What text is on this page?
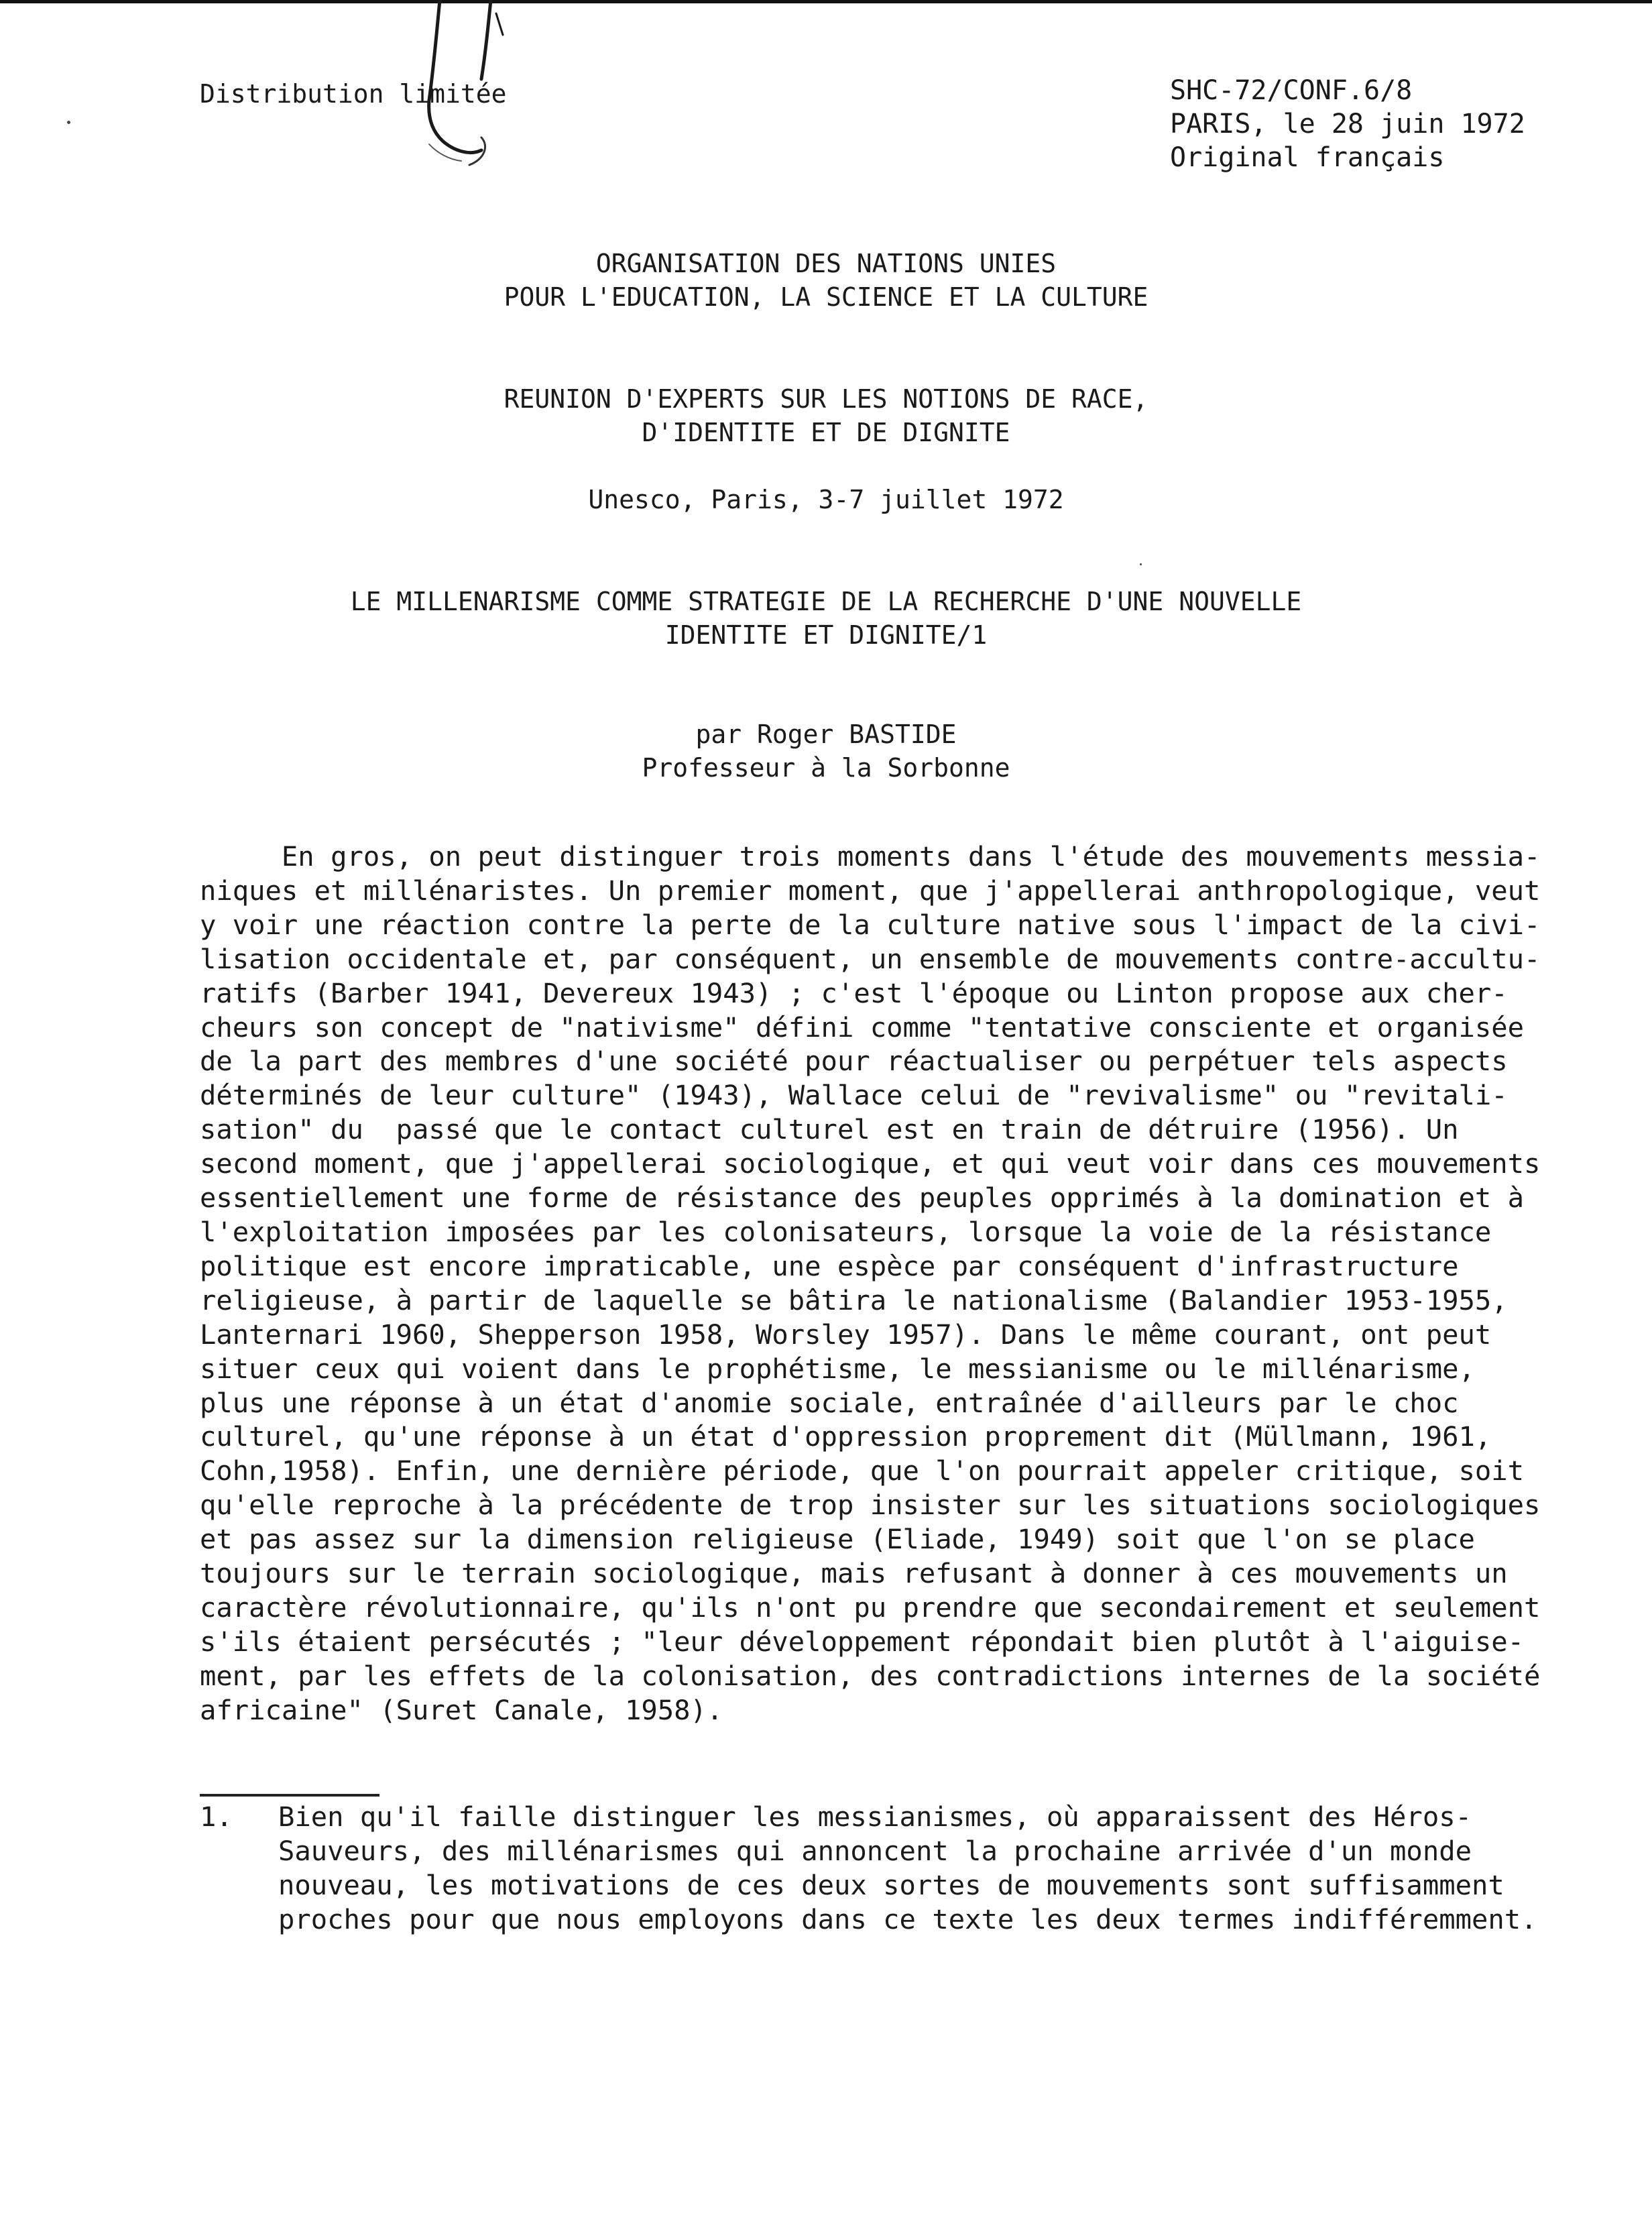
Distribution limitée	SHC-72/CONF.6/8
PARIS, le 28 juin 1972
Original français
ORGANISATION DES NATIONS UNIES
POUR L'EDUCATION, LA SCIENCE ET LA CULTURE
REUNION D'EXPERTS SUR LES NOTIONS DE RACE,
D'IDENTITE ET DE DIGNITE
Unesco, Paris, 3-7 juillet 1972
LE MILLENARISME COMME STRATEGIE DE LA RECHERCHE D'UNE NOUVELLE
IDENTITE ET DIGNITE/1
par Roger BASTIDE
Professeur à la Sorbonne
En gros, on peut distinguer trois moments dans l'étude des mouvements messia-
niques et millénaristes. Un premier moment, que j'appellerai anthropologique, veut
y voir une réaction contre la perte de la culture native sous l'impact de la civi-
lisation occidentale et, par conséquent, un ensemble de mouvements contre-accultu-
ratifs (Barber 1941, Devereux 1943) ; c'est l'époque ou Linton propose aux cher-
cheurs son concept de "nativisme" défini comme "tentative consciente et organisée
de la part des membres d'une société pour réactualiser ou perpétuer tels aspects
déterminés de leur culture" (1943), Wallace celui de "revivalisme" ou "revitali-
sation" du  passé que le contact culturel est en train de détruire (1956). Un
second moment, que j'appellerai sociologique, et qui veut voir dans ces mouvements
essentiellement une forme de résistance des peuples opprimés à la domination et à
l'exploitation imposées par les colonisateurs, lorsque la voie de la résistance
politique est encore impraticable, une espèce par conséquent d'infrastructure
religieuse, à partir de laquelle se bâtira le nationalisme (Balandier 1953-1955,
Lanternari 1960, Shepperson 1958, Worsley 1957). Dans le même courant, ont peut
situer ceux qui voient dans le prophétisme, le messianisme ou le millénarisme,
plus une réponse à un état d'anomie sociale, entraînée d'ailleurs par le choc
culturel, qu'une réponse à un état d'oppression proprement dit (Müllmann, 1961,
Cohn,1958). Enfin, une dernière période, que l'on pourrait appeler critique, soit
qu'elle reproche à la précédente de trop insister sur les situations sociologiques
et pas assez sur la dimension religieuse (Eliade, 1949) soit que l'on se place
toujours sur le terrain sociologique, mais refusant à donner à ces mouvements un
caractère révolutionnaire, qu'ils n'ont pu prendre que secondairement et seulement
s'ils étaient persécutés ; "leur développement répondait bien plutôt à l'aiguise-
ment, par les effets de la colonisation, des contradictions internes de la société
africaine" (Suret Canale, 1958).
1. Bien qu'il faille distinguer les messianismes, où apparaissent des Héros-
Sauveurs, des millénarismes qui annoncent la prochaine arrivée d'un monde
nouveau, les motivations de ces deux sortes de mouvements sont suffisamment
proches pour que nous employons dans ce texte les deux termes indifféremment.
